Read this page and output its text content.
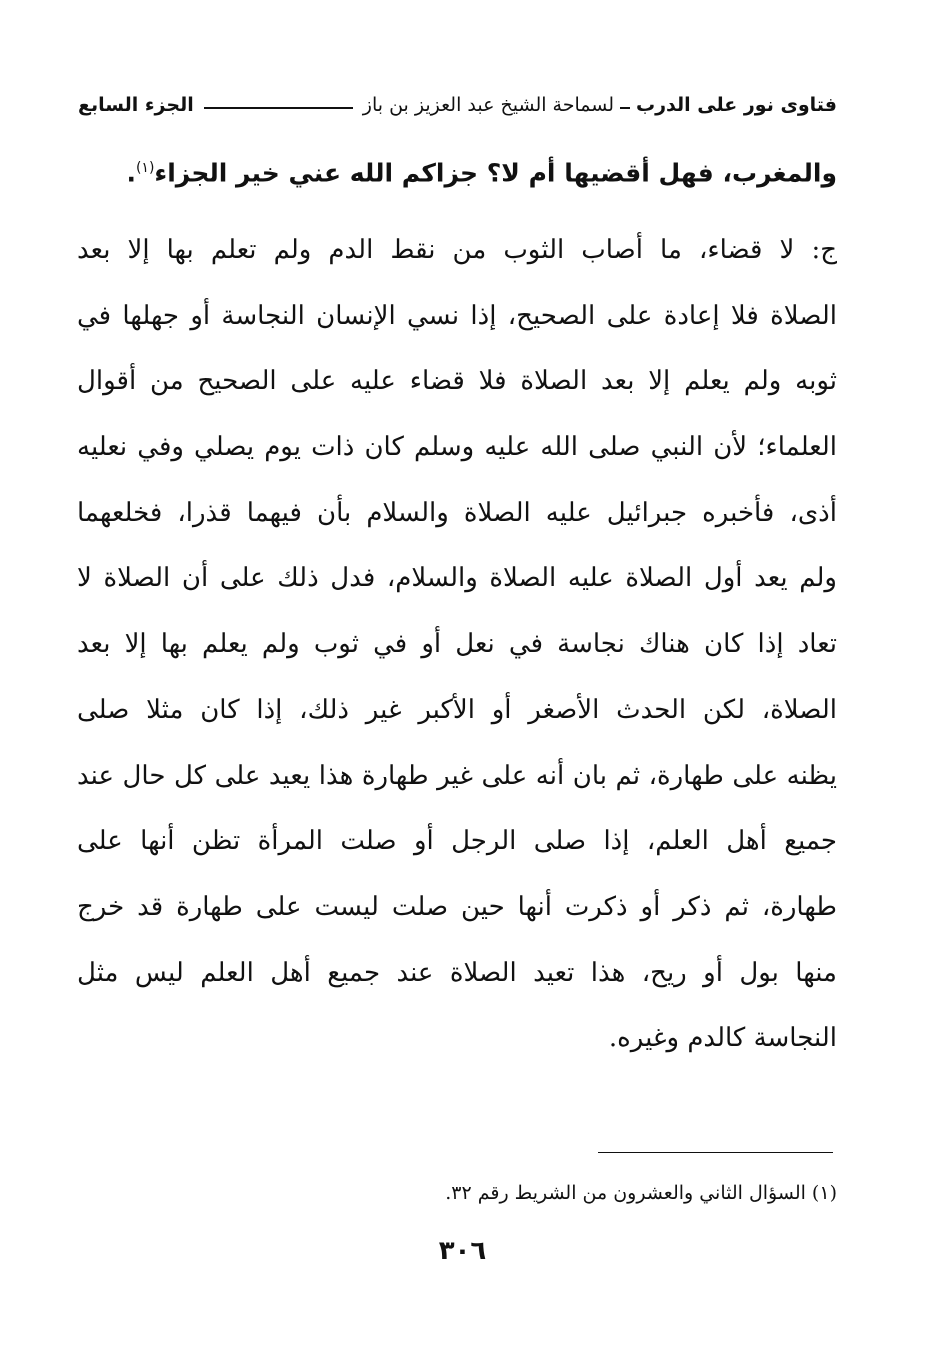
فتاوى نور على الدرب
لسماحة الشيخ عبد العزيز بن باز
الجزء السابع
والمغرب، فهل أقضيها أم لا؟ جزاكم الله عني خير الجزاء$^{(١)}$.
ج: لا قضاء، ما أصاب الثوب من نقط الدم ولم تعلم بها إلا بعد
الصلاة فلا إعادة على الصحيح، إذا نسي الإنسان النجاسة أو جهلها في
ثوبه ولم يعلم إلا بعد الصلاة فلا قضاء عليه على الصحيح من أقوال
العلماء؛ لأن النبي صلى الله عليه وسلم كان ذات يوم يصلي وفي نعليه
أذى، فأخبره جبرائيل عليه الصلاة والسلام بأن فيهما قذرا، فخلعهما
ولم يعد أول الصلاة عليه الصلاة والسلام، فدل ذلك على أن الصلاة لا
تعاد إذا كان هناك نجاسة في نعل أو في ثوب ولم يعلم بها إلا بعد
الصلاة، لكن الحدث الأصغر أو الأكبر غير ذلك، إذا كان مثلا صلى
يظنه على طهارة، ثم بان أنه على غير طهارة هذا يعيد على كل حال عند
جميع أهل العلم، إذا صلى الرجل أو صلت المرأة تظن أنها على
طهارة، ثم ذكر أو ذكرت أنها حين صلت ليست على طهارة قد خرج
منها بول أو ريح، هذا تعيد الصلاة عند جميع أهل العلم ليس مثل
النجاسة كالدم وغيره.
(١) السؤال الثاني والعشرون من الشريط رقم ٣٢.
٣٠٦
